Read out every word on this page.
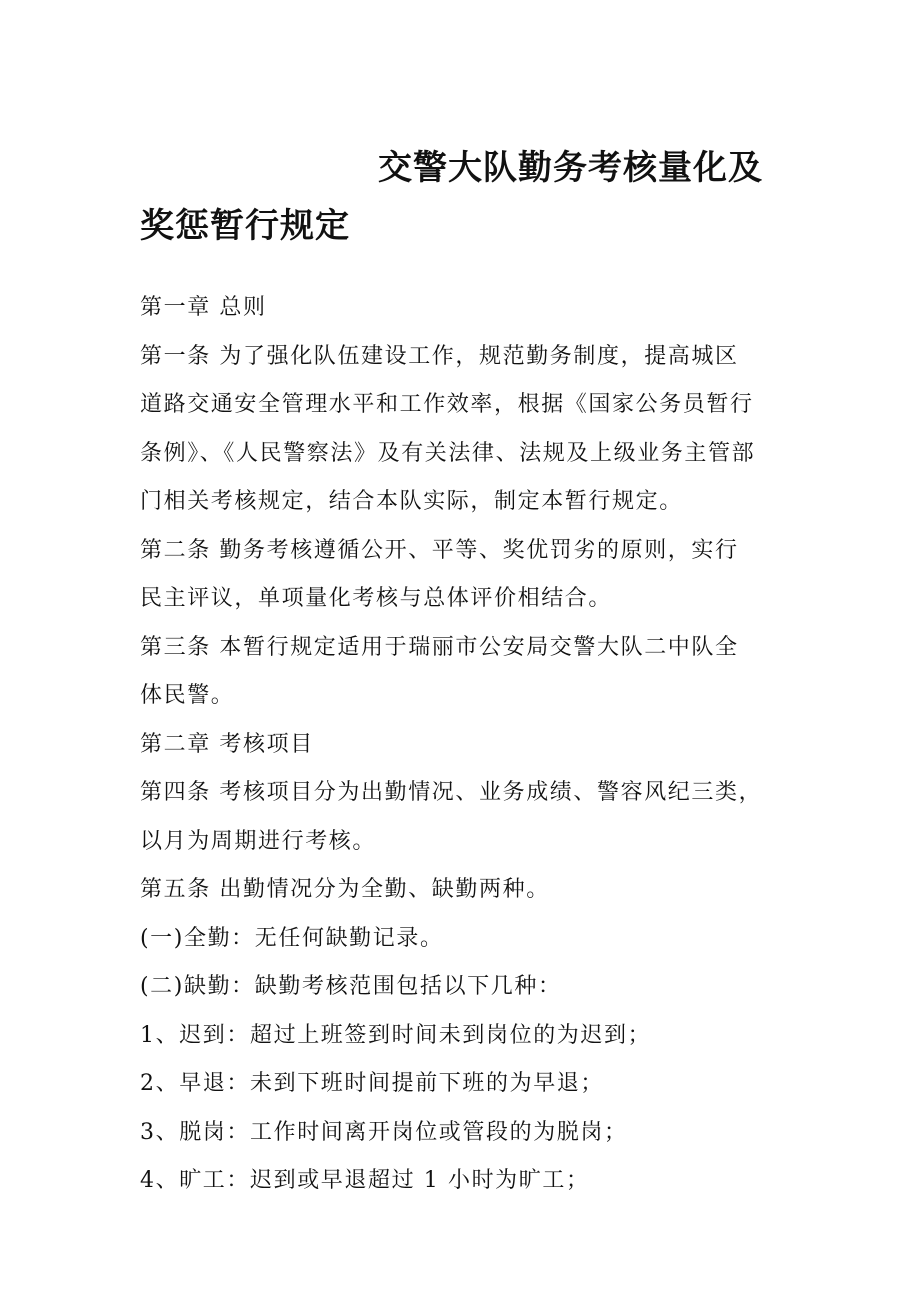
交警大队勤务考核量化及
奖惩暂行规定

第一章 总则

第一条 为了强化队伍建设工作，规范勤务制度，提高城区

道路交通安全管理水平和工作效率，根据《国家公务员暂行

条例》、《人民警察法》及有关法律、法规及上级业务主管部

门相关考核规定，结合本队实际，制定本暂行规定。

第二条 勤务考核遵循公开、平等、奖优罚劣的原则，实行

民主评议，单项量化考核与总体评价相结合。

第三条 本暂行规定适用于瑞丽市公安局交警大队二中队全

体民警。

第二章 考核项目

第四条 考核项目分为出勤情况、业务成绩、警容风纪三类，

以月为周期进行考核。

第五条 出勤情况分为全勤、缺勤两种。

(一)全勤：无任何缺勤记录。

(二)缺勤：缺勤考核范围包括以下几种：

1、迟到：超过上班签到时间未到岗位的为迟到；

2、早退：未到下班时间提前下班的为早退；

3、脱岗：工作时间离开岗位或管段的为脱岗；

4、旷工：迟到或早退超过 1 小时为旷工；
